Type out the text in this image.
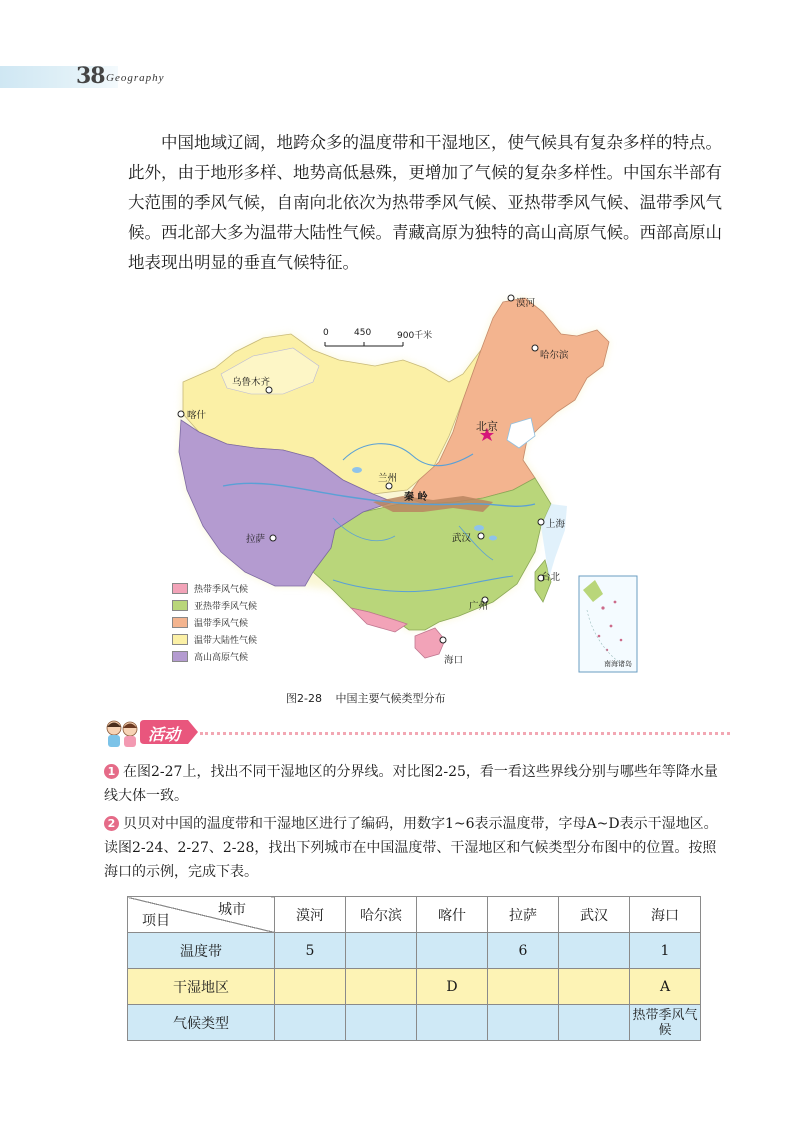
38 Geography

中国地域辽阔，地跨众多的温度带和干湿地区，使气候具有复杂多样的特点。此外，由于地形多样、地势高低悬殊，更增加了气候的复杂多样性。中国东半部有大范围的季风气候，自南向北依次为热带季风气候、亚热带季风气候、温带季风气候。西北部大多为温带大陆性气候。青藏高原为独特的高山高原气候。西部高原山地表现出明显的垂直气候特征。

0	450	900千米
漠河
哈尔滨
乌鲁木齐
喀什
北京
兰州
秦 岭
拉萨	武汉
上海
台北
广州
海口	南海诸岛
热带季风气候
亚热带季风气候
温带季风气候
温带大陆性气候
高山高原气候
图2-28 中国主要气候类型分布
活动
1 在图2-27上，找出不同干湿地区的分界线。对比图2-25，看一看这些界线分别与哪些年等降水量线大体一致。
2 贝贝对中国的温度带和干湿地区进行了编码，用数字1~6表示温度带，字母A~D表示干湿地区。读图2-24、2-27、2-28，找出下列城市在中国温度带、干湿地区和气候类型分布图中的位置。按照海口的示例，完成下表。
城市
项目	漠河	哈尔滨	喀什	拉萨	武汉	海口
温度带	5			6		1
干湿地区			D			A
气候类型						热带季风气候
